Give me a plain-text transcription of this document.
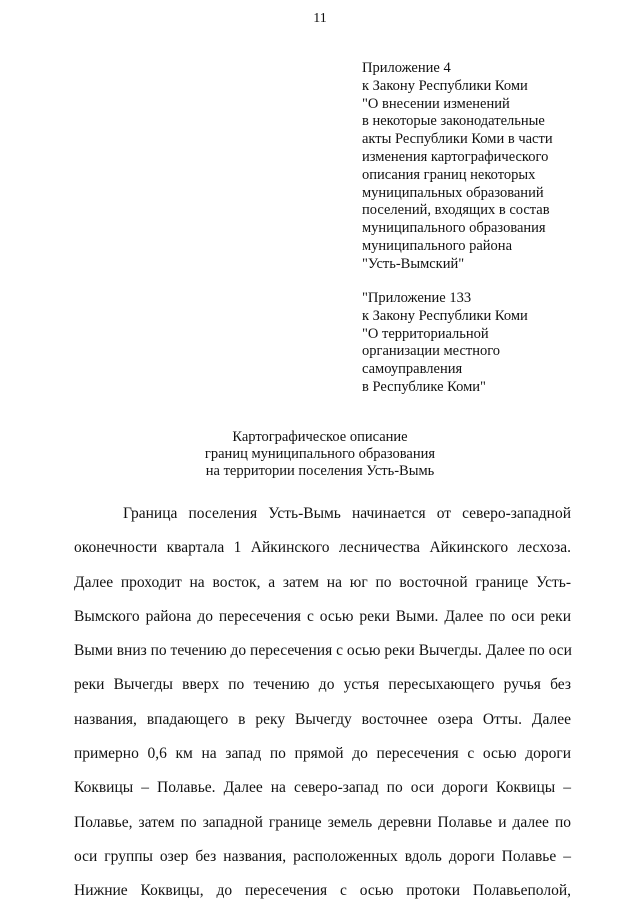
11
Приложение 4
к Закону Республики Коми
"О внесении изменений
в некоторые законодательные
акты Республики Коми в части
изменения картографического
описания границ некоторых
муниципальных образований
поселений, входящих в состав
муниципального образования
муниципального района
"Усть-Вымский"
"Приложение 133
к Закону Республики Коми
"О территориальной
организации местного
самоуправления
в Республике Коми"
Картографическое описание
границ муниципального образования
на территории поселения Усть-Вымь
Граница поселения Усть-Вымь начинается от северо-западной
оконечности квартала 1 Айкинского лесничества Айкинского лесхоза.
Далее проходит на восток, а затем на юг по восточной границе Усть-
Вымского района до пересечения с осью реки Выми. Далее по оси реки
Выми вниз по течению до пересечения с осью реки Вычегды. Далее по оси
реки Вычегды вверх по течению до устья пересыхающего ручья без
названия, впадающего в реку Вычегду восточнее озера Отты. Далее
примерно 0,6 км на запад по прямой до пересечения с осью дороги
Коквицы – Полавье. Далее на северо-запад по оси дороги Коквицы –
Полавье, затем по западной границе земель деревни Полавье и далее по
оси группы озер без названия, расположенных вдоль дороги Полавье –
Нижние Коквицы, до пересечения с осью протоки Полавьеполой,
